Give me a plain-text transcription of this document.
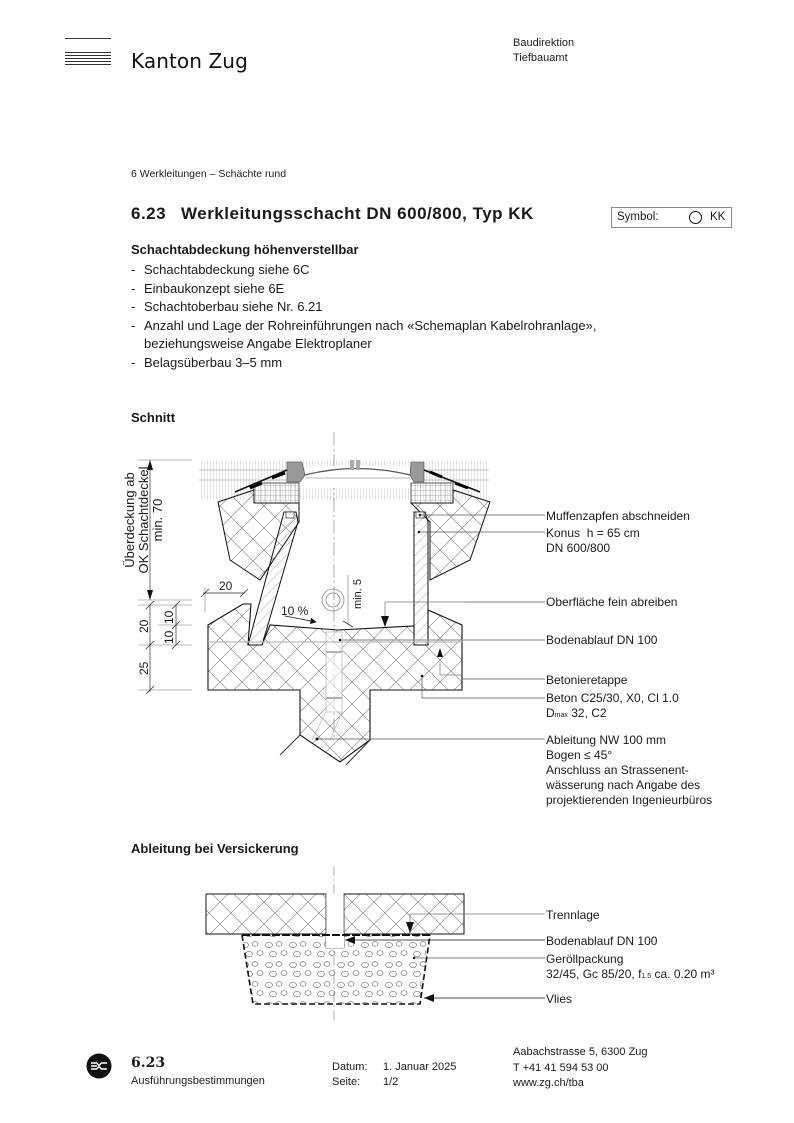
Kanton Zug
Baudirektion
Tiefbauamt
6 Werkleitungen – Schächte rund
6.23 Werkleitungsschacht DN 600/800, Typ KK	Symbol:	KK
Schachtabdeckung höhenverstellbar
- Schachtabdeckung siehe 6C
- Einbaukonzept siehe 6E
- Schachtoberbau siehe Nr. 6.21
- Anzahl und Lage der Rohreinführungen nach «Schemaplan Kabelrohranlage»,
beziehungsweise Angabe Elektroplaner
- Belagsüberbau 3–5 mm
Schnitt
Überdeckung ab OK Schachtdeckel min. 70
20
20
10
10
25
min. 5
10 %
Muffenzapfen abschneiden
Konus  h = 65 cm
DN 600/800
Oberfläche fein abreiben
Bodenablauf DN 100
Betonieretappe
Beton C25/30, X0, Cl 1.0
Dmax 32, C2
Ableitung NW 100 mm
Bogen ≤ 45°
Anschluss an Strassenent-
wässerung nach Angabe des
projektierenden Ingenieurbüros
Ableitung bei Versickerung
Trennlage
Bodenablauf DN 100
Geröllpackung
32/45, Gc 85/20, f1.5 ca. 0.20 m³
Vlies
6.23
Ausführungsbestimmungen
Datum: 1. Januar 2025
Seite: 1/2
Aabachstrasse 5, 6300 Zug
T +41 41 594 53 00
www.zg.ch/tba
